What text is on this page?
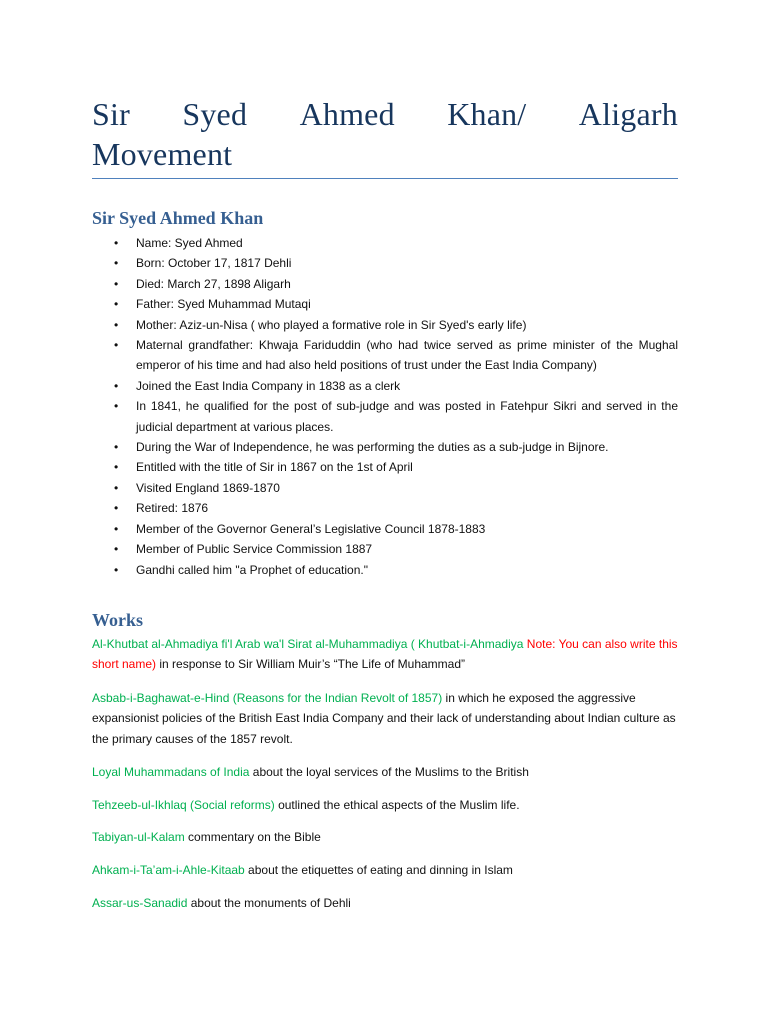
Sir Syed Ahmed Khan/ Aligarh
Movement
Sir Syed Ahmed Khan
• Name: Syed Ahmed
• Born: October 17, 1817 Dehli
• Died: March 27, 1898 Aligarh
• Father: Syed Muhammad Mutaqi
• Mother: Aziz-un-Nisa ( who played a formative role in Sir Syed's early life)
• Maternal grandfather: Khwaja Fariduddin (who had twice served as prime minister of the Mughal emperor of his time and had also held positions of trust under the East India Company)
• Joined the East India Company in 1838 as a clerk
• In 1841, he qualified for the post of sub-judge and was posted in Fatehpur Sikri and served in the judicial department at various places.
• During the War of Independence, he was performing the duties as a sub-judge in Bijnore.
• Entitled with the title of Sir in 1867 on the 1st of April
• Visited England 1869-1870
• Retired: 1876
• Member of the Governor General’s Legislative Council 1878-1883
• Member of Public Service Commission 1887
• Gandhi called him "a Prophet of education."
Works
Al-Khutbat al-Ahmadiya fi'l Arab wa'l Sirat al-Muhammadiya ( Khutbat-i-Ahmadiya Note: You can also write this short name) in response to Sir William Muir’s “The Life of Muhammad”
Asbab-i-Baghawat-e-Hind (Reasons for the Indian Revolt of 1857) in which he exposed the aggressive expansionist policies of the British East India Company and their lack of understanding about Indian culture as the primary causes of the 1857 revolt.
Loyal Muhammadans of India about the loyal services of the Muslims to the British
Tehzeeb-ul-Ikhlaq (Social reforms) outlined the ethical aspects of the Muslim life.
Tabiyan-ul-Kalam commentary on the Bible
Ahkam-i-Ta’am-i-Ahle-Kitaab about the etiquettes of eating and dinning in Islam
Assar-us-Sanadid about the monuments of Dehli
